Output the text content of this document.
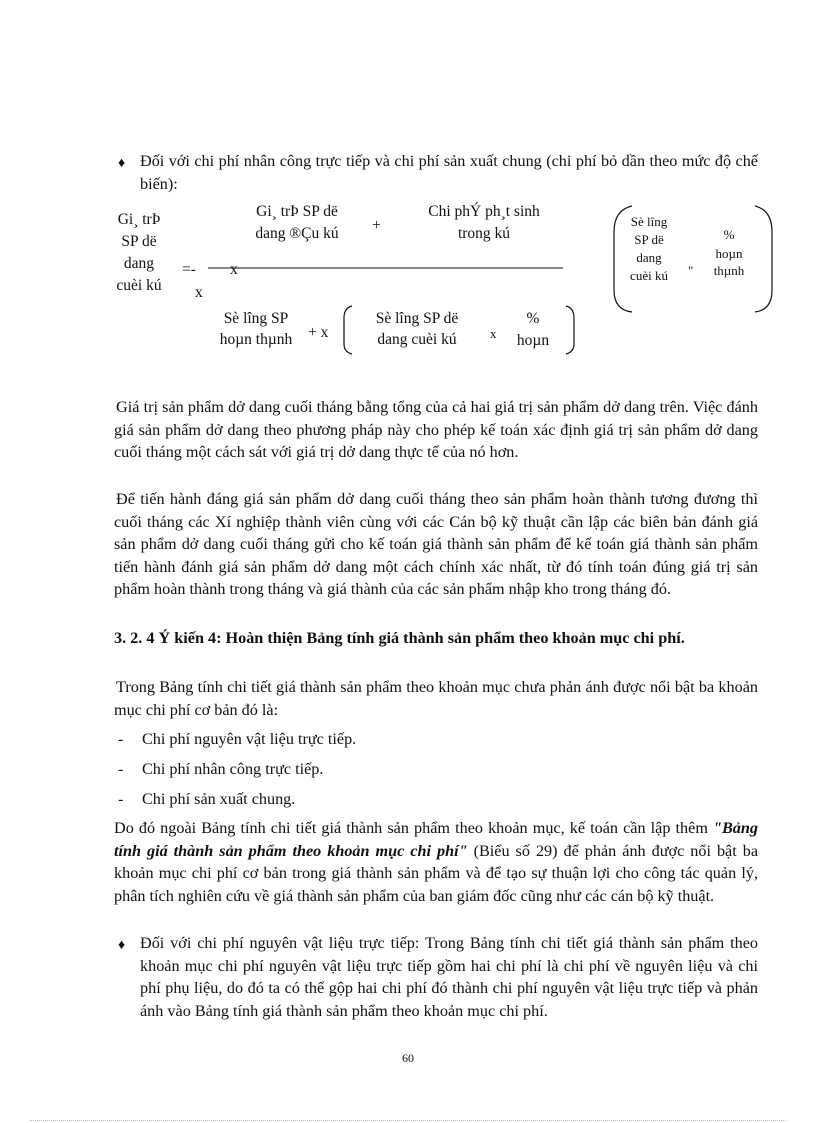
♦ Đối với chi phí nhân công trực tiếp và chi phí sản xuất chung (chi phí bỏ dần theo mức độ chế biến):
Gi¸ trÞ
SP dë
dang
cuèi kú
=- x
x
Gi¸ trÞ SP dë
dang ®Çu kú	+
Chi phÝ ph¸t sinh
trong kú
Sè lîng
SP dë
dang
cuèi kú	"
%
hoµn
thµnh
Sè lîng SP
hoµn thµnh	+ x
Sè lîng SP dë
dang cuèi kú	x
%
hoµn
Giá trị sản phẩm dở dang cuối tháng bằng tổng của cả hai giá trị sản phẩm dở dang trên. Việc đánh giá sản phẩm dở dang theo phương pháp này cho phép kế toán xác định giá trị sản phẩm dở dang cuối tháng một cách sát với giá trị dở dang thực tế của nó hơn.
Để tiến hành đáng giá sản phẩm dở dang cuối tháng theo sản phẩm hoàn thành tương đương thì cuối tháng các Xí nghiệp thành viên cùng với các Cán bộ kỹ thuật cần lập các biên bản đánh giá sản phẩm dở dang cuối tháng gửi cho kế toán giá thành sản phẩm để kế toán giá thành sản phẩm tiến hành đánh giá sản phẩm dở dang một cách chính xác nhất, từ đó tính toán đúng giá trị sản phẩm hoàn thành trong tháng và giá thành của các sản phẩm nhập kho trong tháng đó.
3. 2. 4 Ý kiến 4: Hoàn thiện Bảng tính giá thành sản phẩm theo khoản mục chi phí.
Trong Bảng tính chi tiết giá thành sản phẩm theo khoản mục chưa phản ánh được nổi bật ba khoản mục chi phí cơ bản đó là:
- Chi phí nguyên vật liệu trực tiếp.
- Chi phí nhân công trực tiếp.
- Chi phí sản xuất chung.
Do đó ngoài Bảng tính chi tiết giá thành sản phẩm theo khoản mục, kế toán cần lập thêm "Bảng tính giá thành sản phẩm theo khoản mục chi phí" (Biểu số 29) để phản ánh được nổi bật ba khoản mục chi phí cơ bản trong giá thành sản phẩm và để tạo sự thuận lợi cho công tác quản lý, phân tích nghiên cứu về giá thành sản phẩm của ban giám đốc cũng như các cán bộ kỹ thuật.
♦ Đối với chi phí nguyên vật liệu trực tiếp: Trong Bảng tính chi tiết giá thành sản phẩm theo khoản mục chi phí nguyên vật liệu trực tiếp gồm hai chi phí là chi phí về nguyên liệu và chi phí phụ liệu, do đó ta có thể gộp hai chi phí đó thành chi phí nguyên vật liệu trực tiếp và phản ánh vào Bảng tính giá thành sản phẩm theo khoản mục chi phí.
60
